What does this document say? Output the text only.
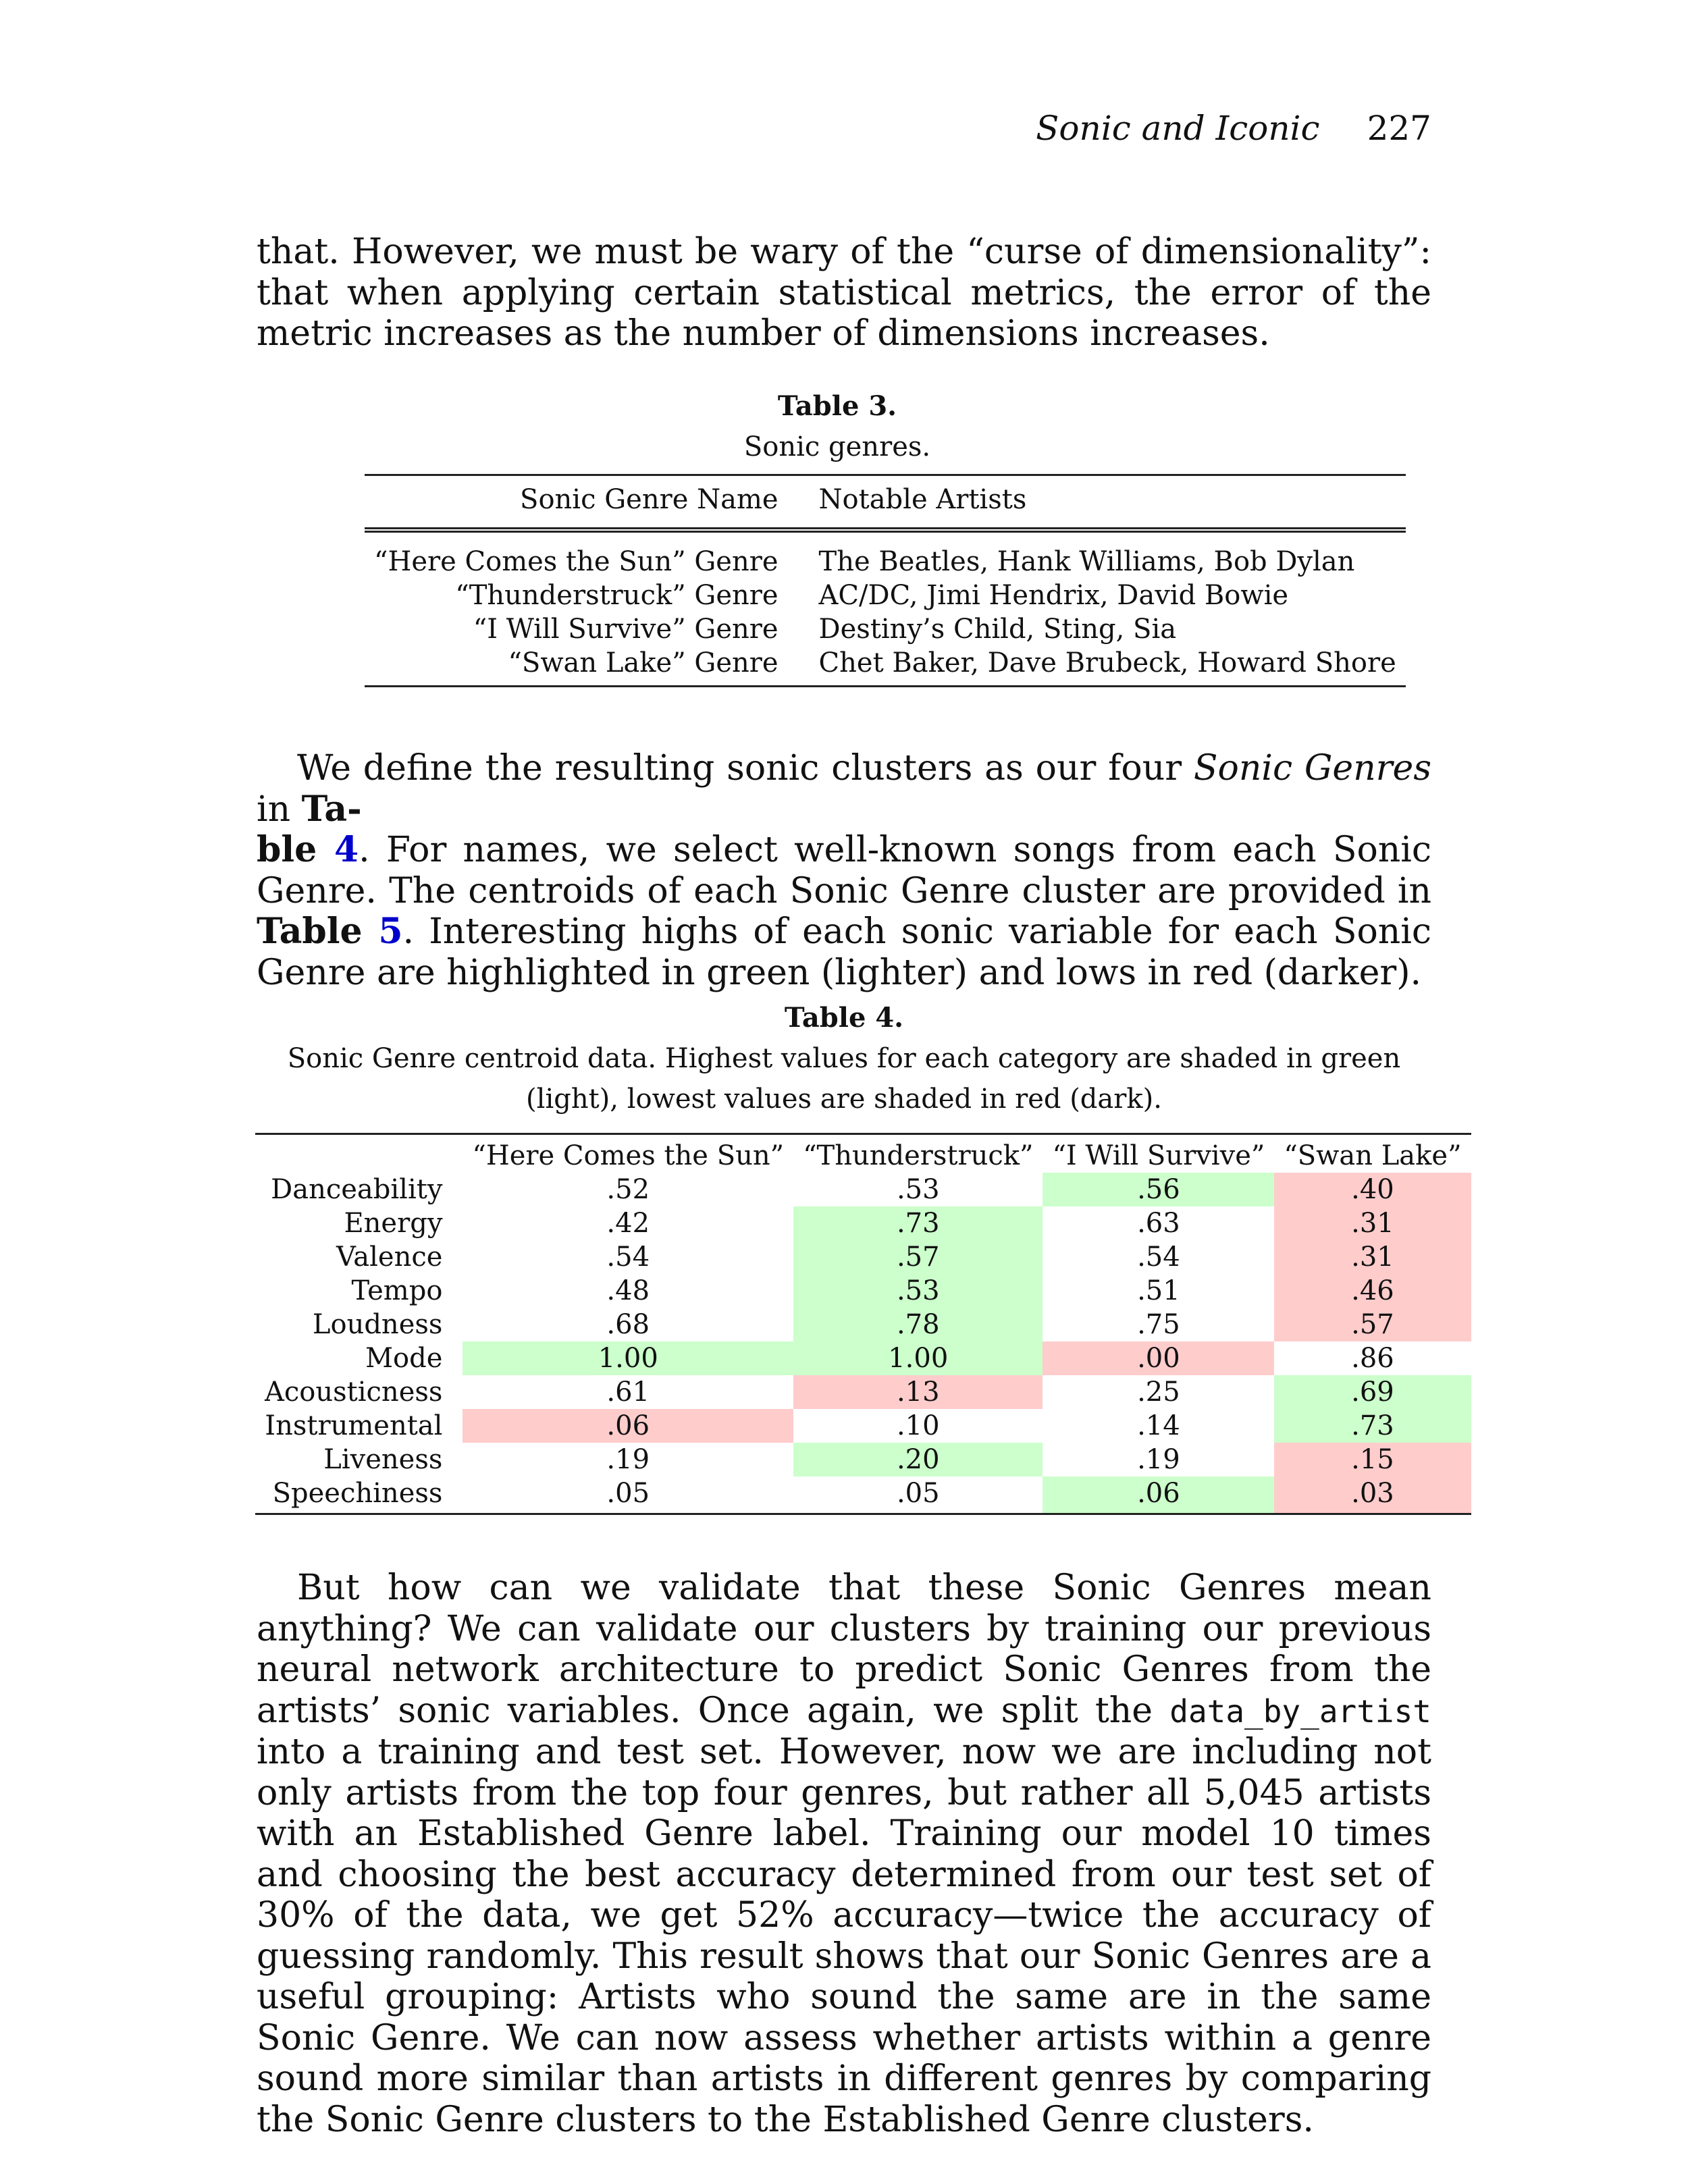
Sonic and Iconic 227

that. However, we must be wary of the “curse of dimensionality”: that when applying certain statistical metrics, the error of the metric increases as the number of dimensions increases.

Table 3.
Sonic genres.
Sonic Genre Name	Notable Artists
“Here Comes the Sun” Genre	The Beatles, Hank Williams, Bob Dylan
“Thunderstruck” Genre	AC/DC, Jimi Hendrix, David Bowie
“I Will Survive” Genre	Destiny’s Child, Sting, Sia
“Swan Lake” Genre	Chet Baker, Dave Brubeck, Howard Shore

We define the resulting sonic clusters as our four Sonic Genres in Ta-
ble 4. For names, we select well-known songs from each Sonic Genre. The centroids of each Sonic Genre cluster are provided in Table 5. Interesting highs of each sonic variable for each Sonic Genre are highlighted in green (lighter) and lows in red (darker).

Table 4.
Sonic Genre centroid data. Highest values for each category are shaded in green (light), lowest values are shaded in red (dark).
	“Here Comes the Sun”	“Thunderstruck”	“I Will Survive”	“Swan Lake”
Danceability	.52	.53	.56	.40
Energy	.42	.73	.63	.31
Valence	.54	.57	.54	.31
Tempo	.48	.53	.51	.46
Loudness	.68	.78	.75	.57
Mode	1.00	1.00	.00	.86
Acousticness	.61	.13	.25	.69
Instrumental	.06	.10	.14	.73
Liveness	.19	.20	.19	.15
Speechiness	.05	.05	.06	.03

But how can we validate that these Sonic Genres mean anything? We can validate our clusters by training our previous neural network architecture to predict Sonic Genres from the artists’ sonic variables. Once again, we split the data_by_artist into a training and test set. However, now we are including not only artists from the top four genres, but rather all 5,045 artists with an Established Genre label. Training our model 10 times and choosing the best accuracy determined from our test set of 30% of the data, we get 52% accuracy—twice the accuracy of guessing randomly. This result shows that our Sonic Genres are a useful grouping: Artists who sound the same are in the same Sonic Genre. We can now assess whether artists within a genre sound more similar than artists in different genres by comparing the Sonic Genre clusters to the Established Genre clusters.
